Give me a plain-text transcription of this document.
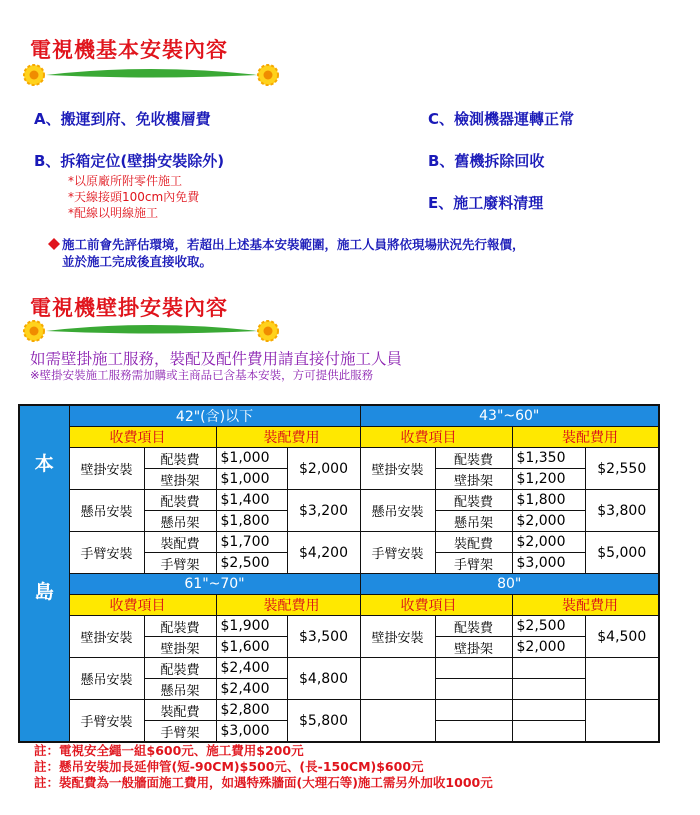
電視機基本安裝內容
A、搬運到府、免收樓層費
B、拆箱定位(壁掛安裝除外)
*以原廠所附零件施工
*天線接頭100cm內免費
*配線以明線施工
C、檢測機器運轉正常
B、舊機拆除回收
E、施工廢料清理
施工前會先評估環境，若超出上述基本安裝範圍，施工人員將依現場狀況先行報價，
並於施工完成後直接收取。
電視機壁掛安裝內容
如需壁掛施工服務，裝配及配件費用請直接付施工人員
※壁掛安裝施工服務需加購或主商品已含基本安裝，方可提供此服務
本
島	42"(含)以下				43"~60"			
	收費項目		裝配費用		收費項目		裝配費用	
	壁掛安裝	配裝費	$1,000	$2,000	壁掛安裝	配裝費	$1,350	$2,550
		壁掛架	$1,000			壁掛架	$1,200	
	懸吊安裝	配裝費	$1,400	$3,200	懸吊安裝	配裝費	$1,800	$3,800
		懸吊架	$1,800			懸吊架	$2,000	
	手臂安裝	裝配費	$1,700	$4,200	手臂安裝	裝配費	$2,000	$5,000
		手臂架	$2,500			手臂架	$3,000	
	61"~70"				80"			
	收費項目		裝配費用		收費項目		裝配費用	
	壁掛安裝	配裝費	$1,900	$3,500	壁掛安裝	配裝費	$2,500	$4,500
		壁掛架	$1,600			壁掛架	$2,000	
	懸吊安裝	配裝費	$2,400	$4,800				
		懸吊架	$2,400					
	手臂安裝	裝配費	$2,800	$5,800				
		手臂架	$3,000					
註：電視安全繩一組$600元、施工費用$200元
註：懸吊安裝加長延伸管(短-90CM)$500元、(長-150CM)$600元
註：裝配費為一般牆面施工費用，如遇特殊牆面(大理石等)施工需另外加收1000元
